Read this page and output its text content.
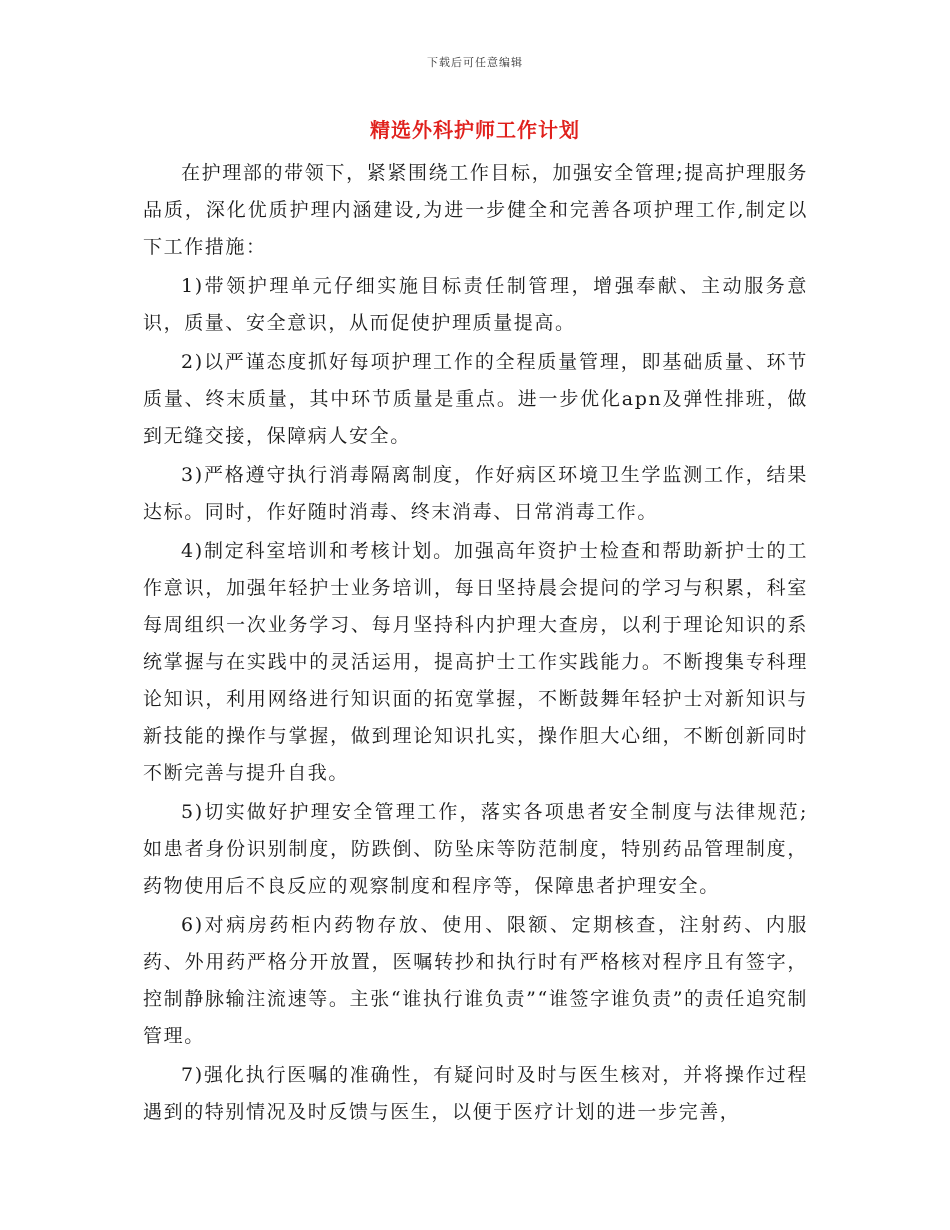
下载后可任意编辑
精选外科护师工作计划

在护理部的带领下，紧紧围绕工作目标，加强安全管理;提高护理服务品质，深化优质护理内涵建设,为进一步健全和完善各项护理工作,制定以下工作措施：

1)带领护理单元仔细实施目标责任制管理，增强奉献、主动服务意识，质量、安全意识，从而促使护理质量提高。

2)以严谨态度抓好每项护理工作的全程质量管理，即基础质量、环节质量、终末质量，其中环节质量是重点。进一步优化apn及弹性排班，做到无缝交接，保障病人安全。

3)严格遵守执行消毒隔离制度，作好病区环境卫生学监测工作，结果达标。同时，作好随时消毒、终末消毒、日常消毒工作。

4)制定科室培训和考核计划。加强高年资护士检查和帮助新护士的工作意识，加强年轻护士业务培训，每日坚持晨会提问的学习与积累，科室每周组织一次业务学习、每月坚持科内护理大查房，以利于理论知识的系统掌握与在实践中的灵活运用，提高护士工作实践能力。不断搜集专科理论知识，利用网络进行知识面的拓宽掌握，不断鼓舞年轻护士对新知识与新技能的操作与掌握，做到理论知识扎实，操作胆大心细，不断创新同时不断完善与提升自我。

5)切实做好护理安全管理工作，落实各项患者安全制度与法律规范;如患者身份识别制度，防跌倒、防坠床等防范制度，特别药品管理制度，药物使用后不良反应的观察制度和程序等，保障患者护理安全。

6)对病房药柜内药物存放、使用、限额、定期核查，注射药、内服药、外用药严格分开放置，医嘱转抄和执行时有严格核对程序且有签字，控制静脉输注流速等。主张“谁执行谁负责”“谁签字谁负责”的责任追究制管理。

7)强化执行医嘱的准确性，有疑问时及时与医生核对，并将操作过程遇到的特别情况及时反馈与医生，以便于医疗计划的进一步完善，
